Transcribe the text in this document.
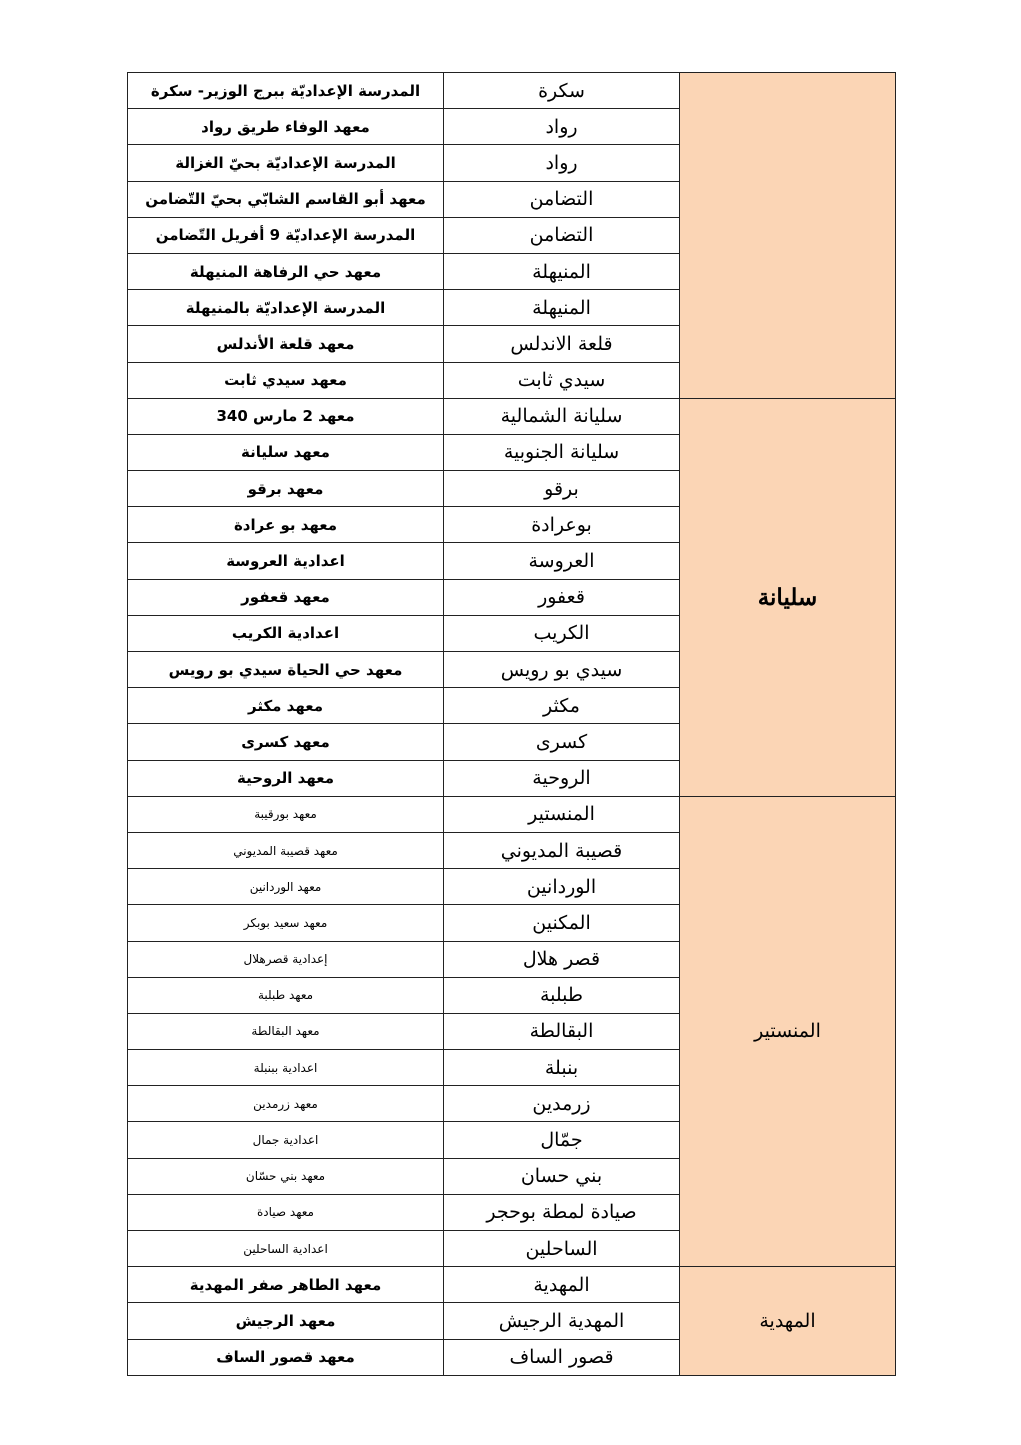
المدرسة الإعداديّة ببرج الوزير- سكرة	سكرة	
معهد الوفاء طريق رواد	رواد	
المدرسة الإعداديّة بحيّ الغزالة	رواد	
معهد أبو القاسم الشابّي بحيّ التّضامن	التضامن	
المدرسة الإعداديّة 9 أفريل التّضامن	التضامن	
معهد حي الرفاهة المنيهلة	المنيهلة	
المدرسة الإعداديّة بالمنيهلة	المنيهلة	
معهد قلعة الأندلس	قلعة الاندلس	
معهد سيدي ثابت	سيدي ثابت	
معهد 2 مارس 340	سليانة الشمالية	سليانة
معهد سليانة	سليانة الجنوبية	
معهد برقو	برقو	
معهد بو عرادة	بوعرادة	
اعدادية العروسة	العروسة	
معهد قعفور	قعفور	
اعدادية الكريب	الكريب	
معهد حي الحياة سيدي بو رويس	سيدي بو رويس	
معهد مكثر	مكثر	
معهد كسرى	كسرى	
معهد الروحية	الروحية	
معهد بورقيبة	المنستير	المنستير
معهد قصيبة المديوني	قصيبة المديوني	
معهد الوردانين	الوردانين	
معهد سعيد بوبكر	المكنين	
إعدادية قصرهلال	قصر هلال	
معهد طبلبة	طبلبة	
معهد البقالطة	البقالطة	
اعدادية ببنبلة	بنبلة	
معهد زرمدين	زرمدين	
اعدادية جمال	جمّال	
معهد بني حسّان	بني حسان	
معهد صيادة	صيادة لمطة بوحجر	
اعدادية الساحلين	الساحلين	
معهد الطاهر صفر المهدية	المهدية	المهدية
معهد الرجيش	المهدية الرجيش	
معهد قصور الساف	قصور الساف	
